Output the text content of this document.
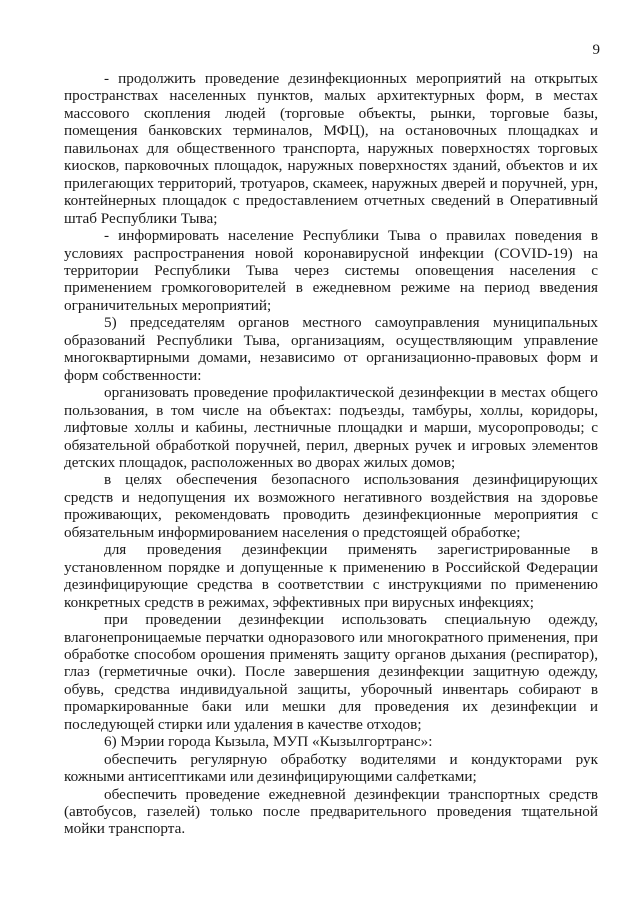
9

- продолжить проведение дезинфекционных мероприятий на открытых пространствах населенных пунктов, малых архитектурных форм, в местах массового скопления людей (торговые объекты, рынки, торговые базы, помещения банковских терминалов, МФЦ), на остановочных площадках и павильонах для общественного транспорта, наружных поверхностях торговых киосков, парковочных площадок, наружных поверхностях зданий, объектов и их прилегающих территорий, тротуаров, скамеек, наружных дверей и поручней, урн, контейнерных площадок с предоставлением отчетных сведений в Оперативный штаб Республики Тыва;

- информировать население Республики Тыва о правилах поведения в условиях распространения новой коронавирусной инфекции (COVID-19) на территории Республики Тыва через системы оповещения населения с применением громкоговорителей в ежедневном режиме на период введения ограничительных мероприятий;

5) председателям органов местного самоуправления муниципальных образований Республики Тыва, организациям, осуществляющим управление многоквартирными домами, независимо от организационно-правовых форм и форм собственности:

организовать проведение профилактической дезинфекции в местах общего пользования, в том числе на объектах: подъезды, тамбуры, холлы, коридоры, лифтовые холлы и кабины, лестничные площадки и марши, мусоропроводы; с обязательной обработкой поручней, перил, дверных ручек и игровых элементов детских площадок, расположенных во дворах жилых домов;

в целях обеспечения безопасного использования дезинфицирующих средств и недопущения их возможного негативного воздействия на здоровье проживающих, рекомендовать проводить дезинфекционные мероприятия с обязательным информированием населения о предстоящей обработке;

для проведения дезинфекции применять зарегистрированные в установленном порядке и допущенные к применению в Российской Федерации дезинфицирующие средства в соответствии с инструкциями по применению конкретных средств в режимах, эффективных при вирусных инфекциях;

при проведении дезинфекции использовать специальную одежду, влагонепроницаемые перчатки одноразового или многократного применения, при обработке способом орошения применять защиту органов дыхания (респиратор), глаз (герметичные очки). После завершения дезинфекции защитную одежду, обувь, средства индивидуальной защиты, уборочный инвентарь собирают в промаркированные баки или мешки для проведения их дезинфекции и последующей стирки или удаления в качестве отходов;

6) Мэрии города Кызыла, МУП «Кызылгортранс»:

обеспечить регулярную обработку водителями и кондукторами рук кожными антисептиками или дезинфицирующими салфетками;

обеспечить проведение ежедневной дезинфекции транспортных средств (автобусов, газелей) только после предварительного проведения тщательной мойки транспорта.
